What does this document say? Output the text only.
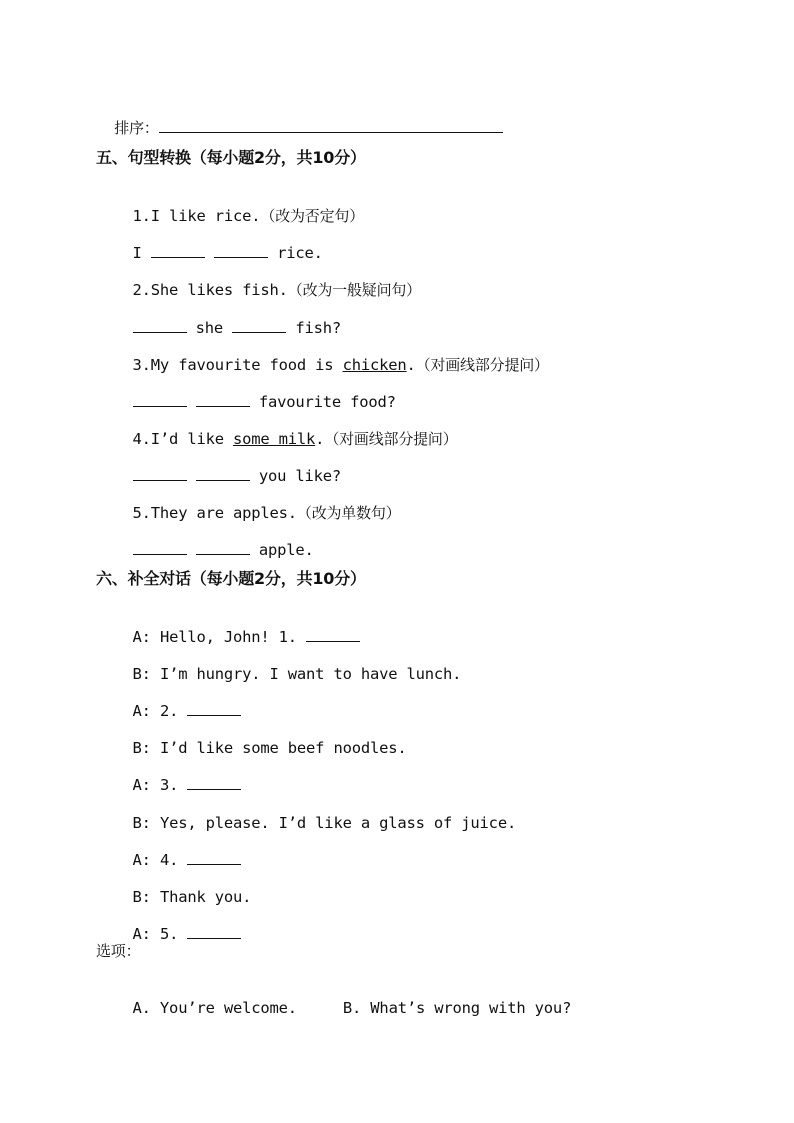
排序：

五、句型转换（每小题2分，共10分）

1.I like rice.（改为否定句）

I	rice.

2.She likes fish.（改为一般疑问句）

she	fish?

3.My favourite food is chicken.（对画线部分提问）

favourite food?

4.I’d like some milk.（对画线部分提问）

you like?

5.They are apples.（改为单数句）

apple.

六、补全对话（每小题2分，共10分）

A: Hello, John! 1.

B: I’m hungry. I want to have lunch.

A: 2.

B: I’d like some beef noodles.

A: 3.

B: Yes, please. I’d like a glass of juice.

A: 4.

B: Thank you.

A: 5.

选项：

A. You’re welcome.	B. What’s wrong with you?
